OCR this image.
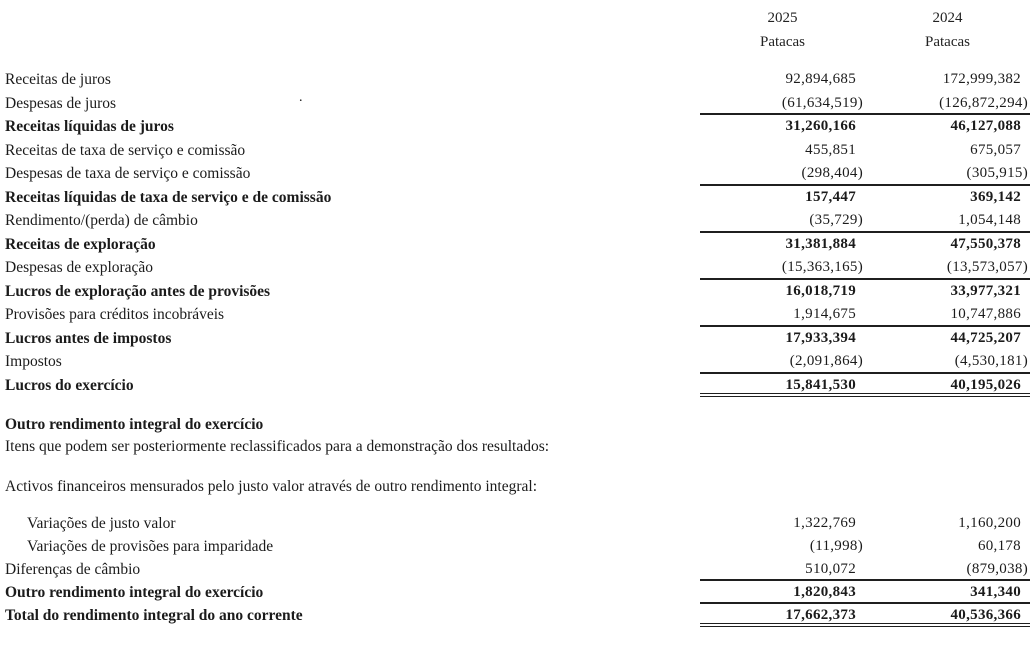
2025	2024
Patacas	Patacas
Receitas de juros	92,894,685	172,999,382
Despesas de juros	(61,634,519)	(126,872,294)
Receitas líquidas de juros	31,260,166	46,127,088
Receitas de taxa de serviço e comissão	455,851	675,057
Despesas de taxa de serviço e comissão	(298,404)	(305,915)
Receitas líquidas de taxa de serviço e de comissão	157,447	369,142
Rendimento/(perda) de câmbio	(35,729)	1,054,148
Receitas de exploração	31,381,884	47,550,378
Despesas de exploração	(15,363,165)	(13,573,057)
Lucros de exploração antes de provisões	16,018,719	33,977,321
Provisões para créditos incobráveis	1,914,675	10,747,886
Lucros antes de impostos	17,933,394	44,725,207
Impostos	(2,091,864)	(4,530,181)
Lucros do exercício	15,841,530	40,195,026
Outro rendimento integral do exercício
Itens que podem ser posteriormente reclassificados para a demonstração dos resultados:
Activos financeiros mensurados pelo justo valor através de outro rendimento integral:
Variações de justo valor	1,322,769	1,160,200
Variações de provisões para imparidade	(11,998)	60,178
Diferenças de câmbio	510,072	(879,038)
Outro rendimento integral do exercício	1,820,843	341,340
Total do rendimento integral do ano corrente	17,662,373	40,536,366
.
